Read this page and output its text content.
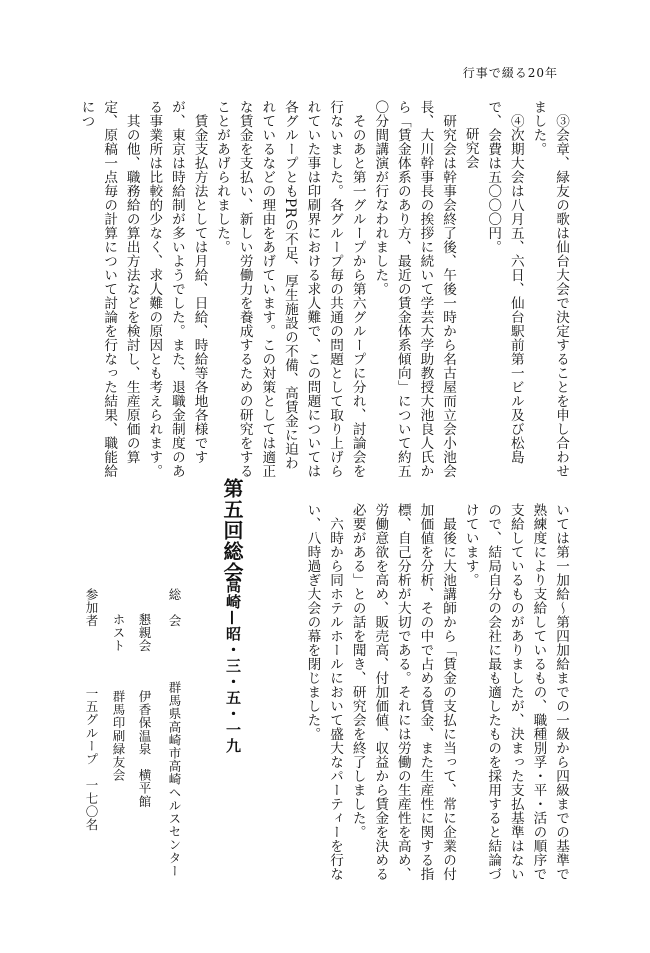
行事で綴る20年

③会章、緑友の歌は仙台大会で決定することを申し合わせました。

④次期大会は八月五、六日、仙台駅前第一ビル及び松島で、会費は五〇〇〇円。

研究会

研究会は幹事会終了後、午後一時から名古屋而立会小池会長、大川幹事長の挨拶に続いて学芸大学助教授大池良人氏から「賃金体系のあり方、最近の賃金体系傾向」について約五〇分間講演が行なわれました。

そのあと第一グループから第六グループに分れ、討論会を行ないました。各グループ毎の共通の問題として取り上げられていた事は印刷界における求人難で、この問題については各グループともPRの不足、厚生施設の不備、高賃金に迫われているなどの理由をあげています。この対策としては適正な賃金を支払い、新しい労働力を養成するための研究をすることがあげられました。

賃金支払方法としては月給、日給、時給等各地各様ですが、東京は時給制が多いようでした。また、退職金制度のある事業所は比較的少なく、求人難の原因とも考えられます。

其の他、職務給の算出方法などを検討し、生産原価の算定、原稿一点毎の計算について討論を行なった結果、職能給につ

いては第一加給〜第四加給までの一級から四級までの基準で熟練度により支給しているもの、職種別孚・平・活の順序で支給しているものがありましたが、決まった支払基準はないので、結局自分の会社に最も適したものを採用すると結論づけています。

最後に大池講師から「賃金の支払に当って、常に企業の付加価値を分析、その中で占める賃金、また生産性に関する指標、自己分析が大切である。それには労働の生産性を高め、労働意欲を高め、販売高、付加価値、収益から賃金を決める必要がある」との話を聞き、研究会を終了しました。

六時から同ホテルホールにおいて盛大なパーティーを行ない、八時過ぎ大会の幕を閉じました。

第五回総会
高崎—昭・三・五・一九
総　会
群馬県高崎市高崎ヘルスセンター
懇親会
伊香保温泉　横平館
ホスト
群馬印刷緑友会
参加者
一五グループ　一七〇名
